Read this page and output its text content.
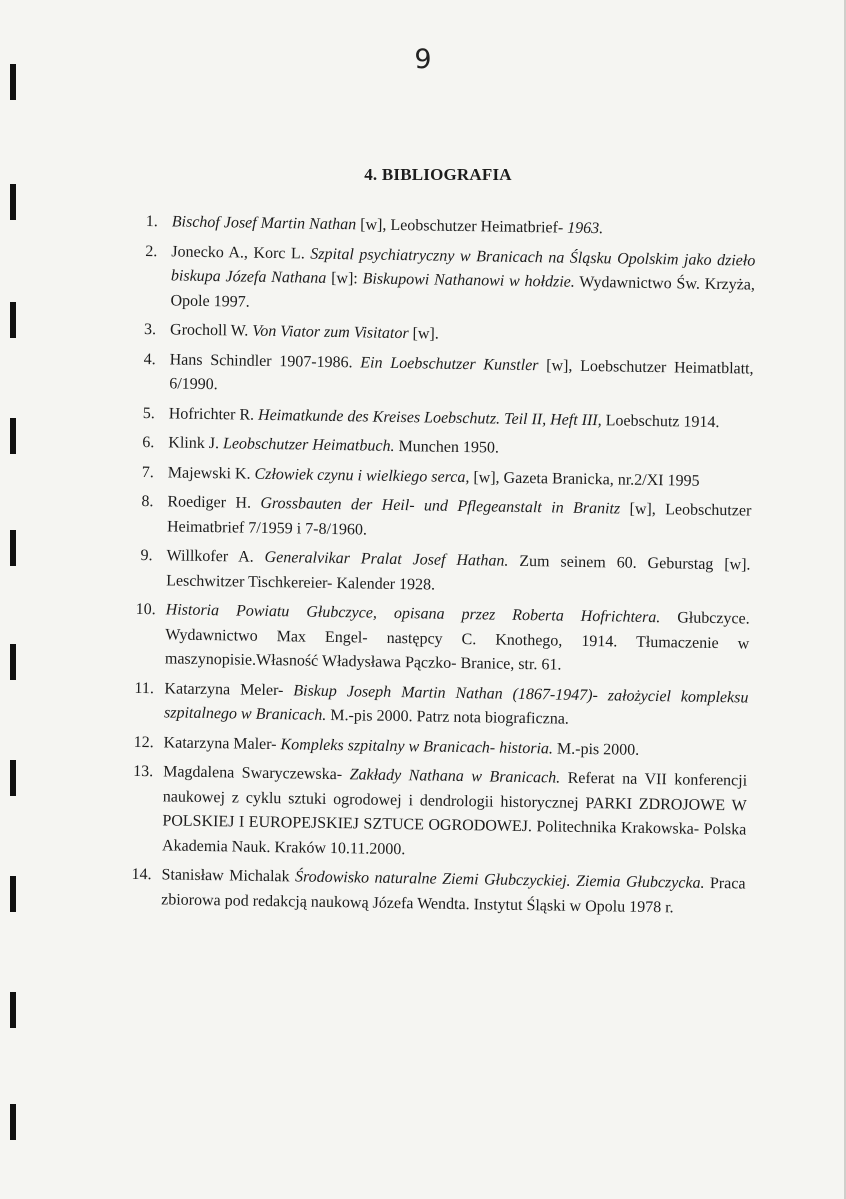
9
4. BIBLIOGRAFIA
1. Bischof Josef Martin Nathan [w], Leobschutzer Heimatbrief- 1963.
2. Jonecko A., Korc L. Szpital psychiatryczny w Branicach na Śląsku Opolskim jako dzieło biskupa Józefa Nathana [w]: Biskupowi Nathanowi w hołdzie. Wydawnictwo Św. Krzyża, Opole 1997.
3. Grocholl W. Von Viator zum Visitator [w].
4. Hans Schindler 1907-1986. Ein Loebschutzer Kunstler [w], Loebschutzer Heimatblatt, 6/1990.
5. Hofrichter R. Heimatkunde des Kreises Loebschutz. Teil II, Heft III, Loebschutz 1914.
6. Klink J. Leobschutzer Heimatbuch. Munchen 1950.
7. Majewski K. Człowiek czynu i wielkiego serca, [w], Gazeta Branicka, nr.2/XI 1995
8. Roediger H. Grossbauten der Heil- und Pflegeanstalt in Branitz [w], Leobschutzer Heimatbrief 7/1959 i 7-8/1960.
9. Willkofer A. Generalvikar Pralat Josef Hathan. Zum seinem 60. Geburstag [w]. Leschwitzer Tischkereier- Kalender 1928.
10. Historia Powiatu Głubczyce, opisana przez Roberta Hofrichtera. Głubczyce. Wydawnictwo Max Engel- następcy C. Knothego, 1914. Tłumaczenie w maszynopisie.Własność Władysława Pączko- Branice, str. 61.
11. Katarzyna Meler- Biskup Joseph Martin Nathan (1867-1947)- założyciel kompleksu szpitalnego w Branicach. M.-pis 2000. Patrz nota biograficzna.
12. Katarzyna Maler- Kompleks szpitalny w Branicach- historia. M.-pis 2000.
13. Magdalena Swaryczewska- Zakłady Nathana w Branicach. Referat na VII konferencji naukowej z cyklu sztuki ogrodowej i dendrologii historycznej PARKI ZDROJOWE W POLSKIEJ I EUROPEJSKIEJ SZTUCE OGRODOWEJ. Politechnika Krakowska- Polska Akademia Nauk. Kraków 10.11.2000.
14. Stanisław Michalak Środowisko naturalne Ziemi Głubczyckiej. Ziemia Głubczycka. Praca zbiorowa pod redakcją naukową Józefa Wendta. Instytut Śląski w Opolu 1978 r.
